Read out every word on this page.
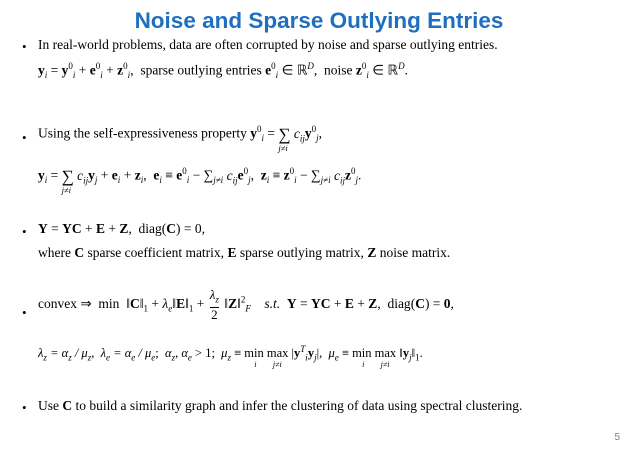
Noise and Sparse Outlying Entries
• In real-world problems, data are often corrupted by noise and sparse outlying entries.
$y_i = y^0_i + e^0_i + z^0_i$,  sparse outlying entries $e^0_i$ ∈ ℝ$^D$,  noise $z^0_i$ ∈ ℝ$^D$.
• Using the self-expressiveness property $y^0_i$ = ∑
j≠i
$c_{ij}y^0_j$,
$y_i$ = ∑
j≠i
$c_{ij}y_j + e_i + z_i$,  $e_i \equiv e^0_i - \sum_{j\ne i}$ $c_{ij}e^0_j$,  $z_i \equiv z^0_i - \sum_{j\ne i}$ $c_{ij}z^0_j$.
• Y = YC + E + Z,  diag(C) = 0,
where C sparse coefficient matrix, E sparse outlying matrix, Z noise matrix.
•
convex ⇒  $\min ‖C‖_1$ + $\lambda_e‖E‖_1 + \frac{\lambda_z}{2}$ ‖Z‖$^2_F$ s.t. Y = YC + E + Z,  diag(C) = 0,
$\lambda_z = \alpha_z / \mu_z$,  $\lambda_e = \alpha_e / \mu_e$;  $\alpha_z$, $\alpha_e > 1$;  $\mu_z \equiv \min$
i
max
j≠i
$|y^T_iy_j|$,  $\mu_e \equiv \min$
i
max
j≠i
$‖y_j‖_1$.
• Use C to build a similarity graph and infer the clustering of data using spectral clustering.
5
